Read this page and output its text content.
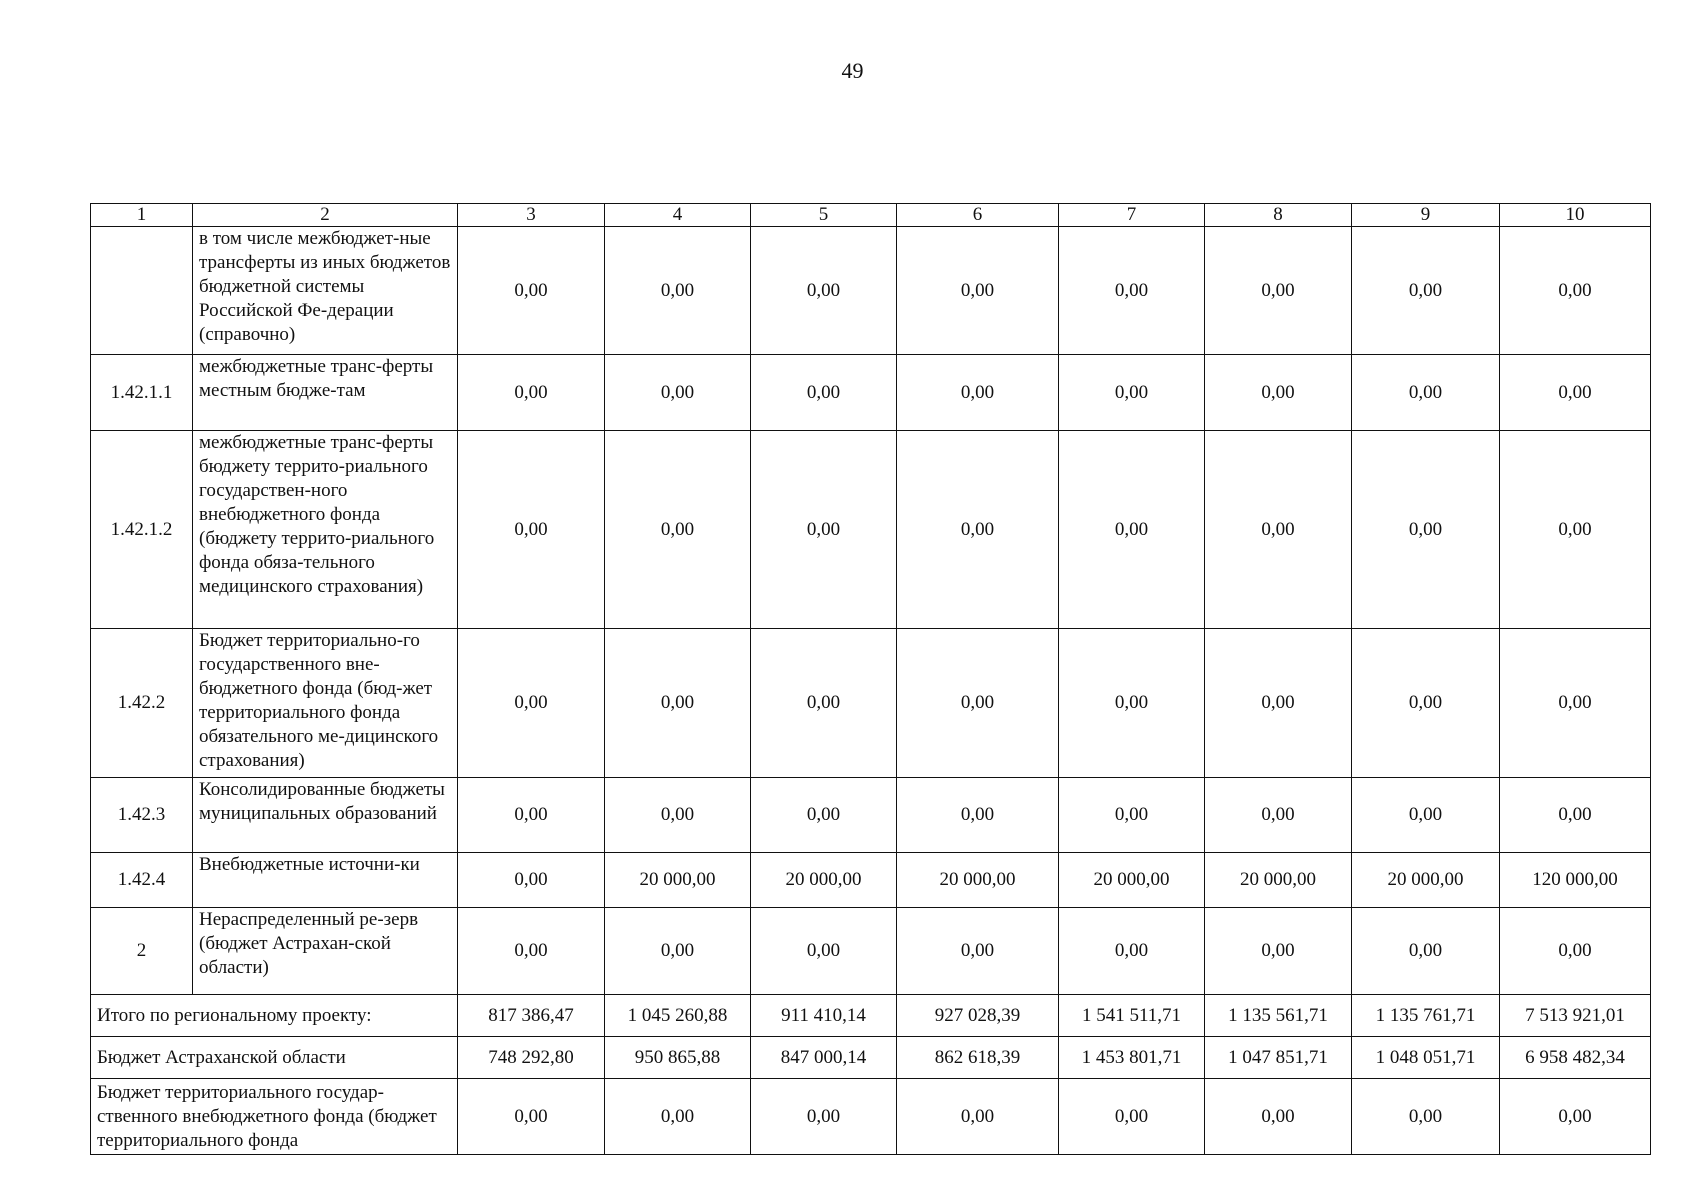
49
1	2	3	4	5	6	7	8	9	10
	в том числе межбюджет-ные трансферты из иных бюджетов бюджетной системы Российской Фе-дерации (справочно)	0,00	0,00	0,00	0,00	0,00	0,00	0,00	0,00
1.42.1.1	межбюджетные транс-ферты местным бюдже-там	0,00	0,00	0,00	0,00	0,00	0,00	0,00	0,00
1.42.1.2	межбюджетные транс-ферты бюджету террито-риального государствен-ного внебюджетного фонда (бюджету террито-риального фонда обяза-тельного медицинского страхования)	0,00	0,00	0,00	0,00	0,00	0,00	0,00	0,00
1.42.2	Бюджет территориально-го государственного вне-бюджетного фонда (бюд-жет территориального фонда обязательного ме-дицинского страхования)	0,00	0,00	0,00	0,00	0,00	0,00	0,00	0,00
1.42.3	Консолидированные бюджеты муниципальных образований	0,00	0,00	0,00	0,00	0,00	0,00	0,00	0,00
1.42.4	Внебюджетные источни-ки	0,00	20 000,00	20 000,00	20 000,00	20 000,00	20 000,00	20 000,00	120 000,00
2	Нераспределенный ре-зерв (бюджет Астрахан-ской области)	0,00	0,00	0,00	0,00	0,00	0,00	0,00	0,00
Итого по региональному проекту:		817 386,47	1 045 260,88	911 410,14	927 028,39	1 541 511,71	1 135 561,71	1 135 761,71	7 513 921,01
Бюджет Астраханской области		748 292,80	950 865,88	847 000,14	862 618,39	1 453 801,71	1 047 851,71	1 048 051,71	6 958 482,34
Бюджет территориального государ-ственного внебюджетного фонда (бюджет территориального фонда		0,00	0,00	0,00	0,00	0,00	0,00	0,00	0,00
